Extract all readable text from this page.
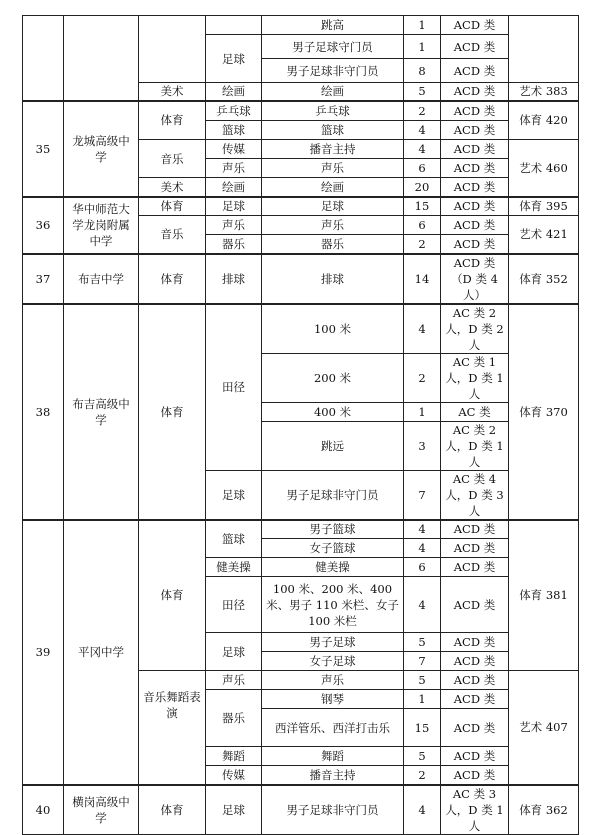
				跳高	1	ACD 类	
			足球	男子足球守门员	1	ACD 类	
				男子足球非守门员	8	ACD 类	
		美术	绘画	绘画	5	ACD 类	艺术 383
35	龙城高级中学	体育	乒乓球	乒乓球	2	ACD 类	体育 420
			篮球	篮球	4	ACD 类	
		音乐	传媒	播音主持	4	ACD 类	艺术 460
			声乐	声乐	6	ACD 类	
		美术	绘画	绘画	20	ACD 类	
36	华中师范大学龙岗附属中学	体育	足球	足球	15	ACD 类	体育 395
		音乐	声乐	声乐	6	ACD 类	艺术 421
			器乐	器乐	2	ACD 类	
37	布吉中学	体育	排球	排球	14	ACD 类（D 类 4 人）	体育 352
38	布吉高级中学	体育	田径	100 米	4	AC 类 2 人，D 类 2 人	体育 370
				200 米	2	AC 类 1 人，D 类 1 人	
				400 米	1	AC 类	
				跳远	3	AC 类 2 人，D 类 1 人	
			足球	男子足球非守门员	7	AC 类 4 人，D 类 3 人	
39	平冈中学	体育	篮球	男子篮球	4	ACD 类	体育 381
				女子篮球	4	ACD 类	
			健美操	健美操	6	ACD 类	
			田径	100 米、200 米、400 米、男子 110 米栏、女子 100 米栏	4	ACD 类	
			足球	男子足球	5	ACD 类	
				女子足球	7	ACD 类	
		音乐舞蹈表演	声乐	声乐	5	ACD 类	艺术 407
			器乐	钢琴	1	ACD 类	
				西洋管乐、西洋打击乐	15	ACD 类	
			舞蹈	舞蹈	5	ACD 类	
			传媒	播音主持	2	ACD 类	
40	横岗高级中学	体育	足球	男子足球非守门员	4	AC 类 3 人，D 类 1 人	体育 362
